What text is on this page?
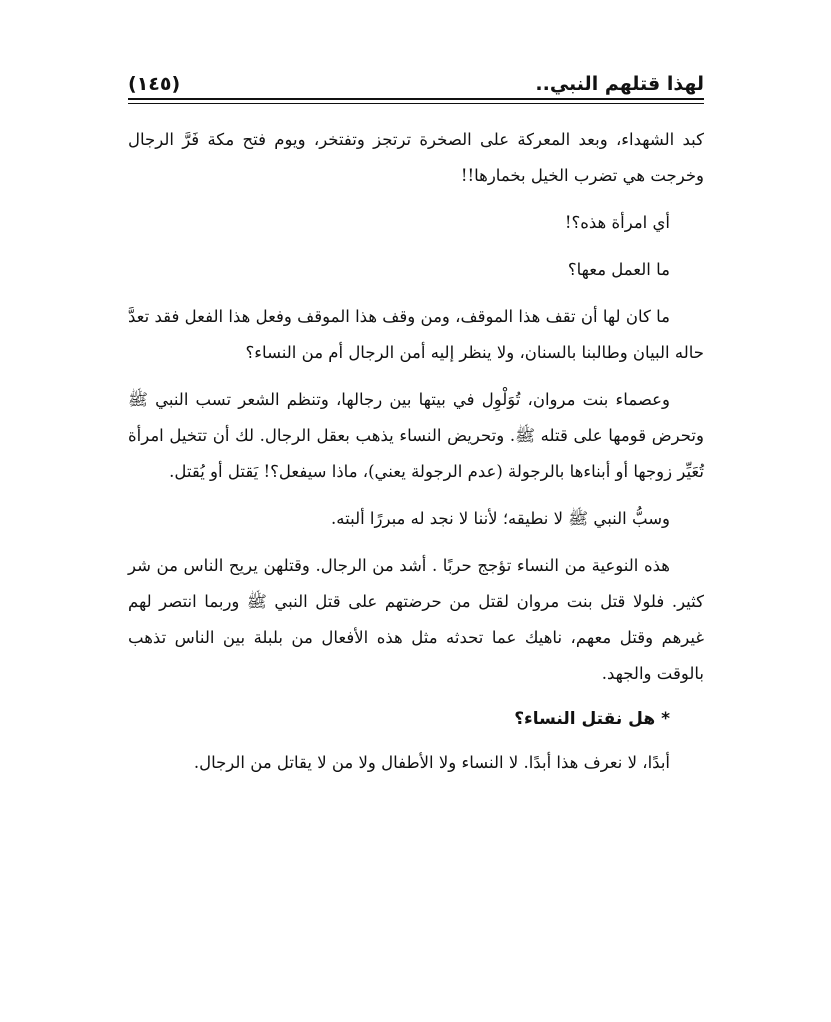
لهذا قتلهم النبي..
(١٤٥)

كبد الشهداء، وبعد المعركة على الصخرة ترتجز وتفتخر، ويوم فتح مكة فَرَّ الرجال وخرجت هي تضرب الخيل بخمارها!!

أي امرأة هذه؟!

ما العمل معها؟

ما كان لها أن تقف هذا الموقف، ومن وقف هذا الموقف وفعل هذا الفعل فقد تعدَّ حاله البيان وطالبنا بالسنان، ولا ينظر إليه أمن الرجال أم من النساء؟

وعصماء بنت مروان، تُوَلْوِل في بيتها بين رجالها، وتنظم الشعر تسب النبي ﷺ وتحرض قومها على قتله ﷺ. وتحريض النساء يذهب بعقل الرجال. لك أن تتخيل امرأة تُعَيِّر زوجها أو أبناءها بالرجولة (عدم الرجولة يعني)، ماذا سيفعل؟! يَقتل أو يُقتل.

وسبُّ النبي ﷺ لا نطيقه؛ لأننا لا نجد له مبررًا ألبته.

هذه النوعية من النساء تؤجج حربًا . أشد من الرجال. وقتلهن يريح الناس من شر كثير. فلولا قتل بنت مروان لقتل من حرضتهم على قتل النبي ﷺ وربما انتصر لهم غيرهم وقتل معهم، ناهيك عما تحدثه مثل هذه الأفعال من بلبلة بين الناس تذهب بالوقت والجهد.

*هل نقتل النساء؟

أبدًا، لا نعرف هذا أبدًا. لا النساء ولا الأطفال ولا من لا يقاتل من الرجال.
